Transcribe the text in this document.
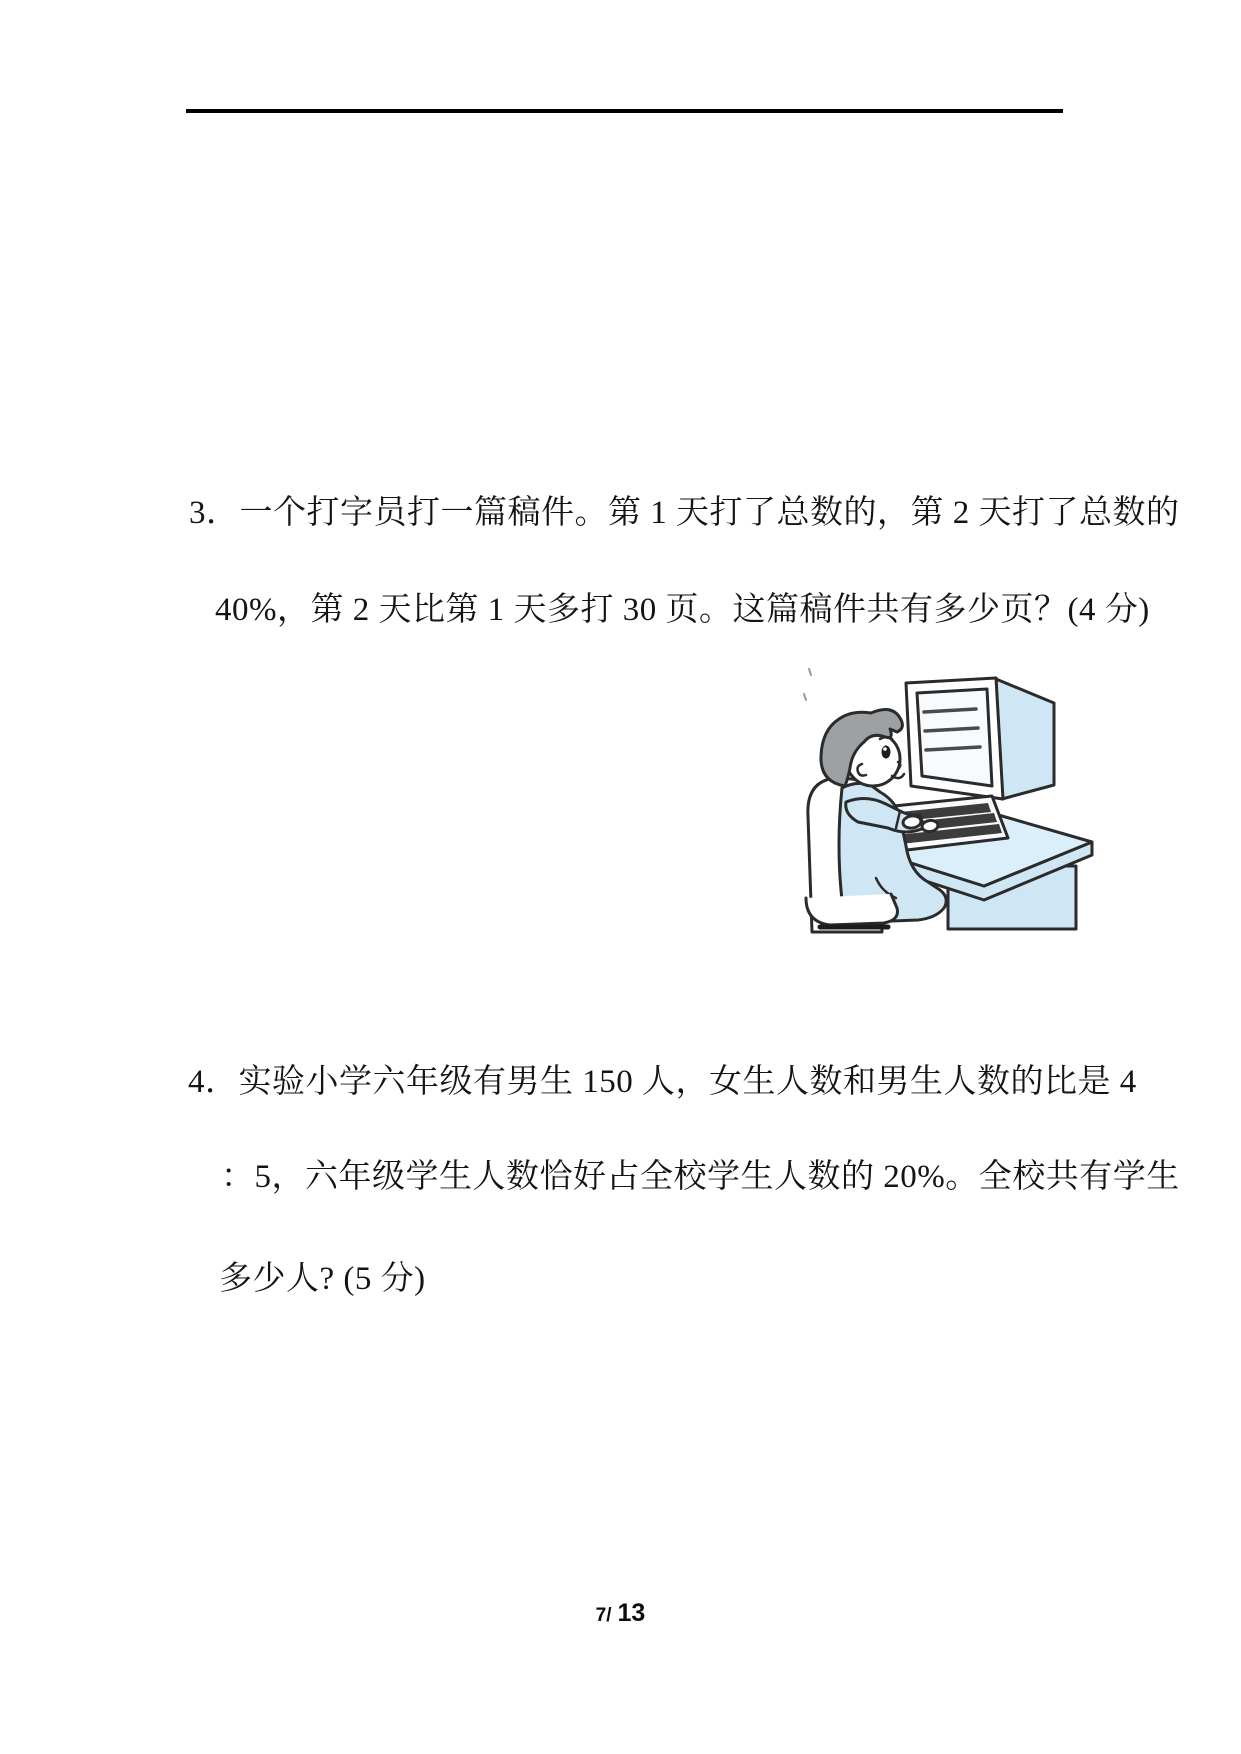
3．一个打字员打一篇稿件。第 1 天打了总数的，第 2 天打了总数的

40%，第 2 天比第 1 天多打 30 页。这篇稿件共有多少页？(4 分)

4．实验小学六年级有男生 150 人，女生人数和男生人数的比是 4

：5，六年级学生人数恰好占全校学生人数的 20%。全校共有学生

多少人? (5 分)

7 / 13
